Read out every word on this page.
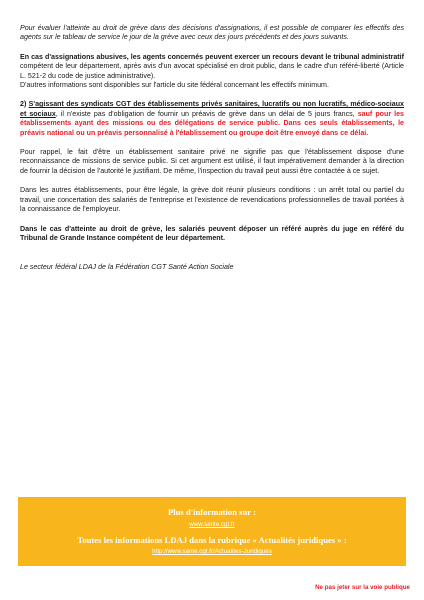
Pour évaluer l'atteinte au droit de grève dans des décisions d'assignations, il est possible de comparer les effectifs des agents sur le tableau de service le jour de la grève avec ceux des jours précédents et des jours suivants.

En cas d'assignations abusives, les agents concernés peuvent exercer un recours devant le tribunal administratif compétent de leur département, après avis d'un avocat spécialisé en droit public, dans le cadre d'un référé-liberté (Article L. 521-2 du code de justice administrative).
D'autres informations sont disponibles sur l'article du site fédéral concernant les effectifs minimum.

2) S'agissant des syndicats CGT des établissements privés sanitaires, lucratifs ou non lucratifs, médico-sociaux et sociaux, il n'existe pas d'obligation de fournir un préavis de grève dans un délai de 5 jours francs, sauf pour les établissements ayant des missions ou des délégations de service public. Dans ces seuls établissements, le préavis national ou un préavis personnalisé à l'établissement ou groupe doit être envoyé dans ce délai.

Pour rappel, le fait d'être un établissement sanitaire privé ne signifie pas que l'établissement dispose d'une reconnaissance de missions de service public. Si cet argument est utilisé, il faut impérativement demander à la direction de fournir la décision de l'autorité le justifiant. De même, l'inspection du travail peut aussi être contactée à ce sujet.

Dans les autres établissements, pour être légale, la grève doit réunir plusieurs conditions : un arrêt total ou partiel du travail, une concertation des salariés de l'entreprise et l'existence de revendications professionnelles de travail portées à la connaissance de l'employeur.

Dans le cas d'atteinte au droit de grève, les salariés peuvent déposer un référé auprès du juge en référé du Tribunal de Grande Instance compétent de leur département.

Le secteur fédéral LDAJ de la Fédération CGT Santé Action Sociale

Plus d'information sur :
www.sante.cgt.fr
Toutes les informations LDAJ dans la rubrique « Actualités juridiques » :
http://www.sante.cgt.fr/Actualites-Juridiques
Ne pas jeter sur la voie publique
